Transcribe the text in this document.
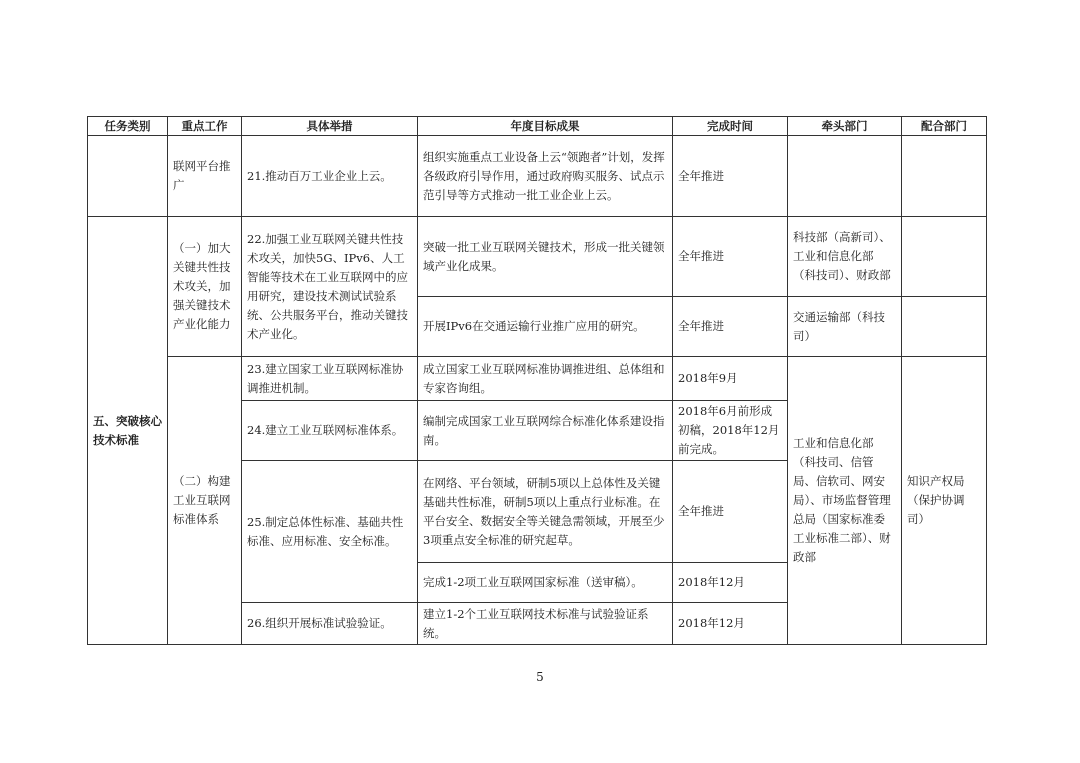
任务类别	重点工作	具体举措	年度目标成果	完成时间	牵头部门	配合部门
	联网平台推广	21.推动百万工业企业上云。	组织实施重点工业设备上云“领跑者”计划，发挥各级政府引导作用，通过政府购买服务、试点示范引导等方式推动一批工业企业上云。	全年推进		
五、突破核心技术标准	（一）加大关键共性技术攻关，加强关键技术产业化能力	22.加强工业互联网关键共性技术攻关，加快5G、IPv6、人工智能等技术在工业互联网中的应用研究，建设技术测试试验系统、公共服务平台，推动关键技术产业化。	突破一批工业互联网关键技术，形成一批关键领域产业化成果。	全年推进	科技部（高新司）、工业和信息化部（科技司）、财政部	
			开展IPv6在交通运输行业推广应用的研究。	全年推进	交通运输部（科技司）	
	（二）构建工业互联网标准体系	23.建立国家工业互联网标准协调推进机制。	成立国家工业互联网标准协调推进组、总体组和专家咨询组。	2018年9月	工业和信息化部（科技司、信管局、信软司、网安局）、市场监督管理总局（国家标准委工业标准二部）、财政部	知识产权局（保护协调司）
		24.建立工业互联网标准体系。	编制完成国家工业互联网综合标准化体系建设指南。	2018年6月前形成初稿，2018年12月前完成。		
		25.制定总体性标准、基础共性标准、应用标准、安全标准。	在网络、平台领域，研制5项以上总体性及关键基础共性标准，研制5项以上重点行业标准。在平台安全、数据安全等关键急需领域，开展至少3项重点安全标准的研究起草。	全年推进		
			完成1-2项工业互联网国家标准（送审稿）。	2018年12月		
		26.组织开展标准试验验证。	建立1-2个工业互联网技术标准与试验验证系统。	2018年12月		
5
